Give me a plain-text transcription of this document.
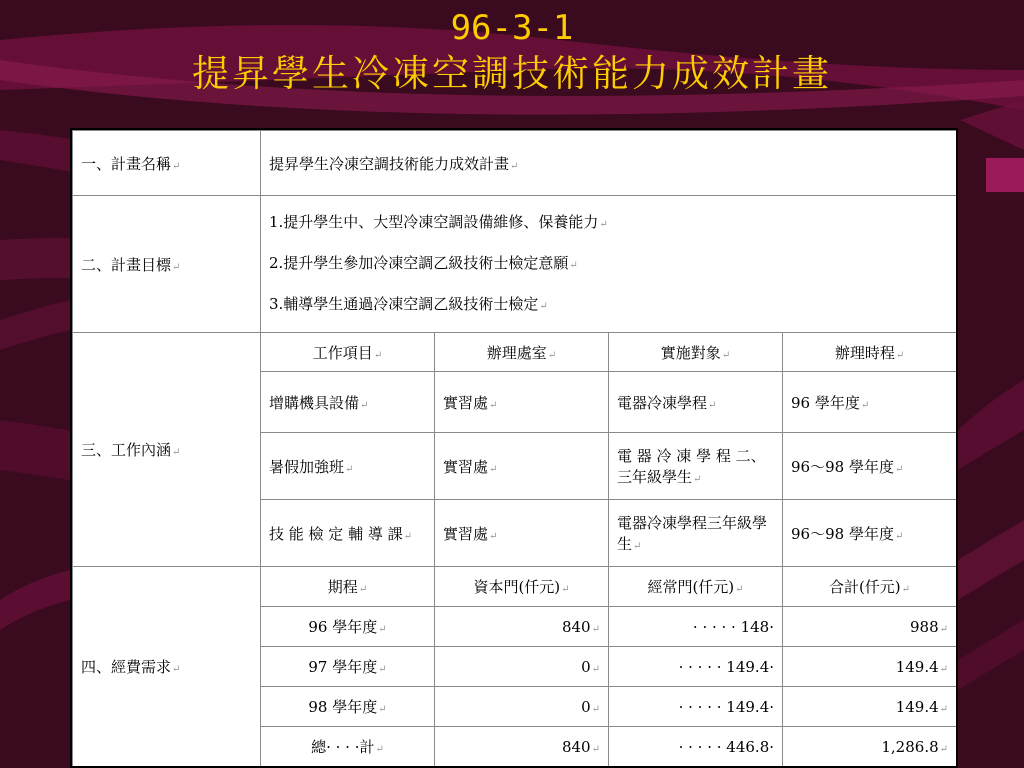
96-3-1
提昇學生冷凍空調技術能力成效計畫
一、計畫名稱↵	提昇學生冷凍空調技術能力成效計畫↵			
二、計畫目標↵	1.提升學生中、大型冷凍空調設備維修、保養能力↵
2.提升學生參加冷凍空調乙級技術士檢定意願↵
3.輔導學生通過冷凍空調乙級技術士檢定↵			

三、工作內涵↵	工作項目↵	辦理處室↵	實施對象↵	辦理時程↵
	增購機具設備↵	實習處↵	電器冷凍學程↵	96 學年度↵
	暑假加強班↵	實習處↵	電 器 冷 凍 學 程 二、三年級學生↵	96～98 學年度↵
	技 能 檢 定 輔 導 課↵	實習處↵	電器冷凍學程三年級學生↵	96～98 學年度↵
四、經費需求↵	期程↵	資本門(仟元)↵	經常門(仟元)↵	合計(仟元)↵
	96 學年度↵	840↵	· · · · · 148·	988↵
	97 學年度↵	0↵	· · · · · 149.4·	149.4↵
	98 學年度↵	0↵	· · · · · 149.4·	149.4↵
	總· · · ·計↵	840↵	· · · · · 446.8·	1,286.8↵
